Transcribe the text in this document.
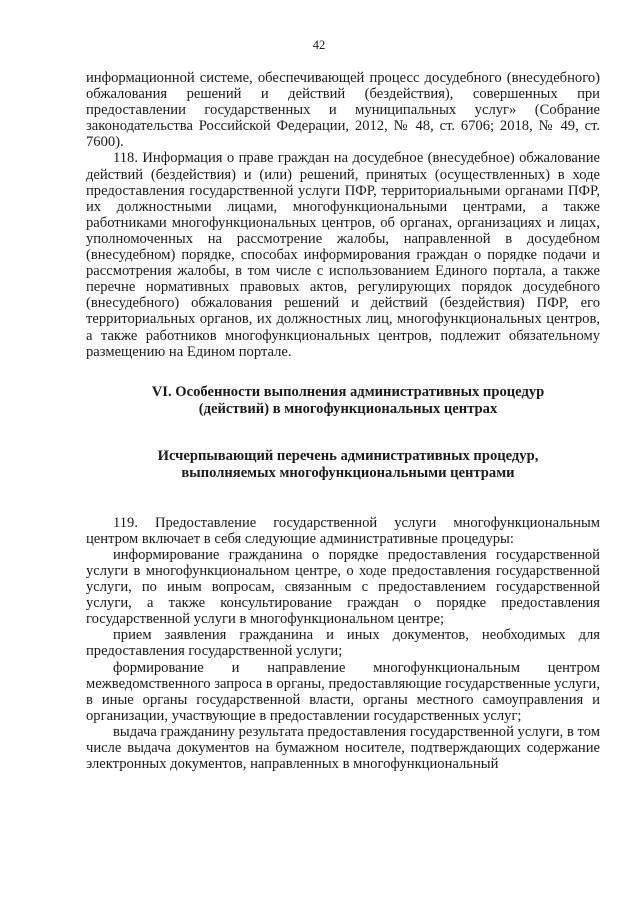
42

информационной системе, обеспечивающей процесс досудебного (внесудебного) обжалования решений и действий (бездействия), совершенных при предоставлении государственных и муниципальных услуг» (Собрание законодательства Российской Федерации, 2012, № 48, ст. 6706; 2018, № 49, ст. 7600).

118. Информация о праве граждан на досудебное (внесудебное) обжалование действий (бездействия) и (или) решений, принятых (осуществленных) в ходе предоставления государственной услуги ПФР, территориальными органами ПФР, их должностными лицами, многофункциональными центрами, а также работниками многофункциональных центров, об органах, организациях и лицах, уполномоченных на рассмотрение жалобы, направленной в досудебном (внесудебном) порядке, способах информирования граждан о порядке подачи и рассмотрения жалобы, в том числе с использованием Единого портала, а также перечне нормативных правовых актов, регулирующих порядок досудебного (внесудебного) обжалования решений и действий (бездействия) ПФР, его территориальных органов, их должностных лиц, многофункциональных центров, а также работников многофункциональных центров, подлежит обязательному размещению на Едином портале.

VI. Особенности выполнения административных процедур
(действий) в многофункциональных центрах
Исчерпывающий перечень административных процедур,
выполняемых многофункциональными центрами

119. Предоставление государственной услуги многофункциональным центром включает в себя следующие административные процедуры:

информирование гражданина о порядке предоставления государственной услуги в многофункциональном центре, о ходе предоставления государственной услуги, по иным вопросам, связанным с предоставлением государственной услуги, а также консультирование граждан о порядке предоставления государственной услуги в многофункциональном центре;

прием заявления гражданина и иных документов, необходимых для предоставления государственной услуги;

формирование и направление многофункциональным центром межведомственного запроса в органы, предоставляющие государственные услуги, в иные органы государственной власти, органы местного самоуправления и организации, участвующие в предоставлении государственных услуг;

выдача гражданину результата предоставления государственной услуги, в том числе выдача документов на бумажном носителе, подтверждающих содержание электронных документов, направленных в многофункциональный
